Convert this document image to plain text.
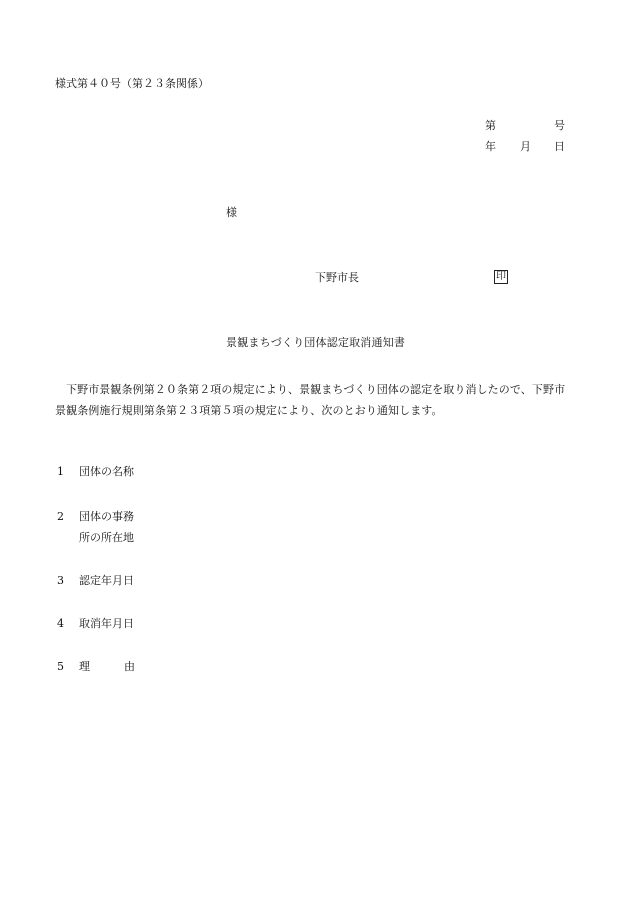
様式第４０号（第２３条関係）
第	号
年 月 日
様
下野市長	印
景観まちづくり団体認定取消通知書
下野市景観条例第２０条第２項の規定により、景観まちづくり団体の認定を取り消したので、下野市景観条例施行規則第条第２３項第５項の規定により、次のとおり通知します。
1 団体の名称
2 団体の事務
所の所在地
3 認定年月日
4 取消年月日
5 理	由
